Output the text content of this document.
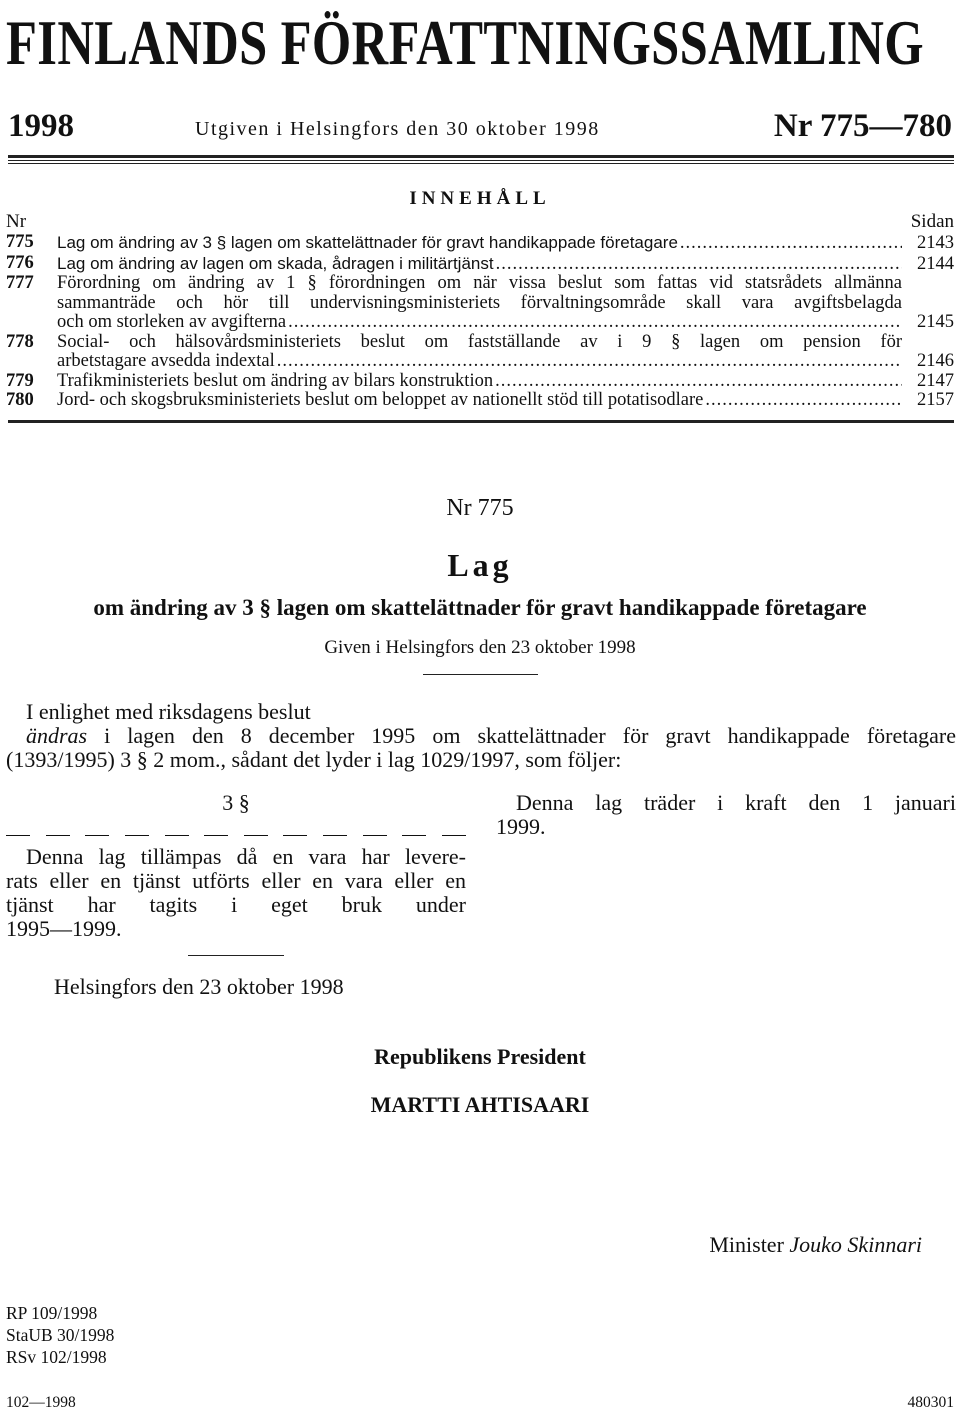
FINLANDS FÖRFATTNINGSSAMLING
1998	Utgiven i Helsingfors den 30 oktober 1998	Nr 775—780
INNEHÅLL
Nr	Sidan
775	Lag om ändring av 3 § lagen om skattelättnader för gravt handikappade företagare .....	2143
776	Lag om ändring av lagen om skada, ådragen i militärtjänst .....	2144
777	Förordning om ändring av 1 § förordningen om när vissa beslut som fattas vid statsrådets allmänna
sammanträde och hör till undervisningsministeriets förvaltningsområde skall vara avgiftsbelagda
och om storleken av avgifterna .....	2145
778	Social- och hälsovårdsministeriets beslut om fastställande av i 9 § lagen om pension för
arbetstagare avsedda indextal .....	2146
779	Trafikministeriets beslut om ändring av bilars konstruktion .....	2147
780	Jord- och skogsbruksministeriets beslut om beloppet av nationellt stöd till potatisodlare .....	2157
Nr 775
Lag
om ändring av 3 § lagen om skattelättnader för gravt handikappade företagare
Given i Helsingfors den 23 oktober 1998
I enlighet med riksdagens beslut
ändras i lagen den 8 december 1995 om skattelättnader för gravt handikappade företagare
(1393/1995) 3 § 2 mom., sådant det lyder i lag 1029/1997, som följer:
3 §
Denna lag tillämpas då en vara har levere-
rats eller en tjänst utförts eller en vara eller en
tjänst har tagits i eget bruk under
1995—1999.
Denna lag träder i kraft den 1 januari
1999.
Helsingfors den 23 oktober 1998
Republikens President
MARTTI AHTISAARI
Minister Jouko Skinnari
RP 109/1998
StaUB 30/1998
RSv 102/1998
102—1998	480301
